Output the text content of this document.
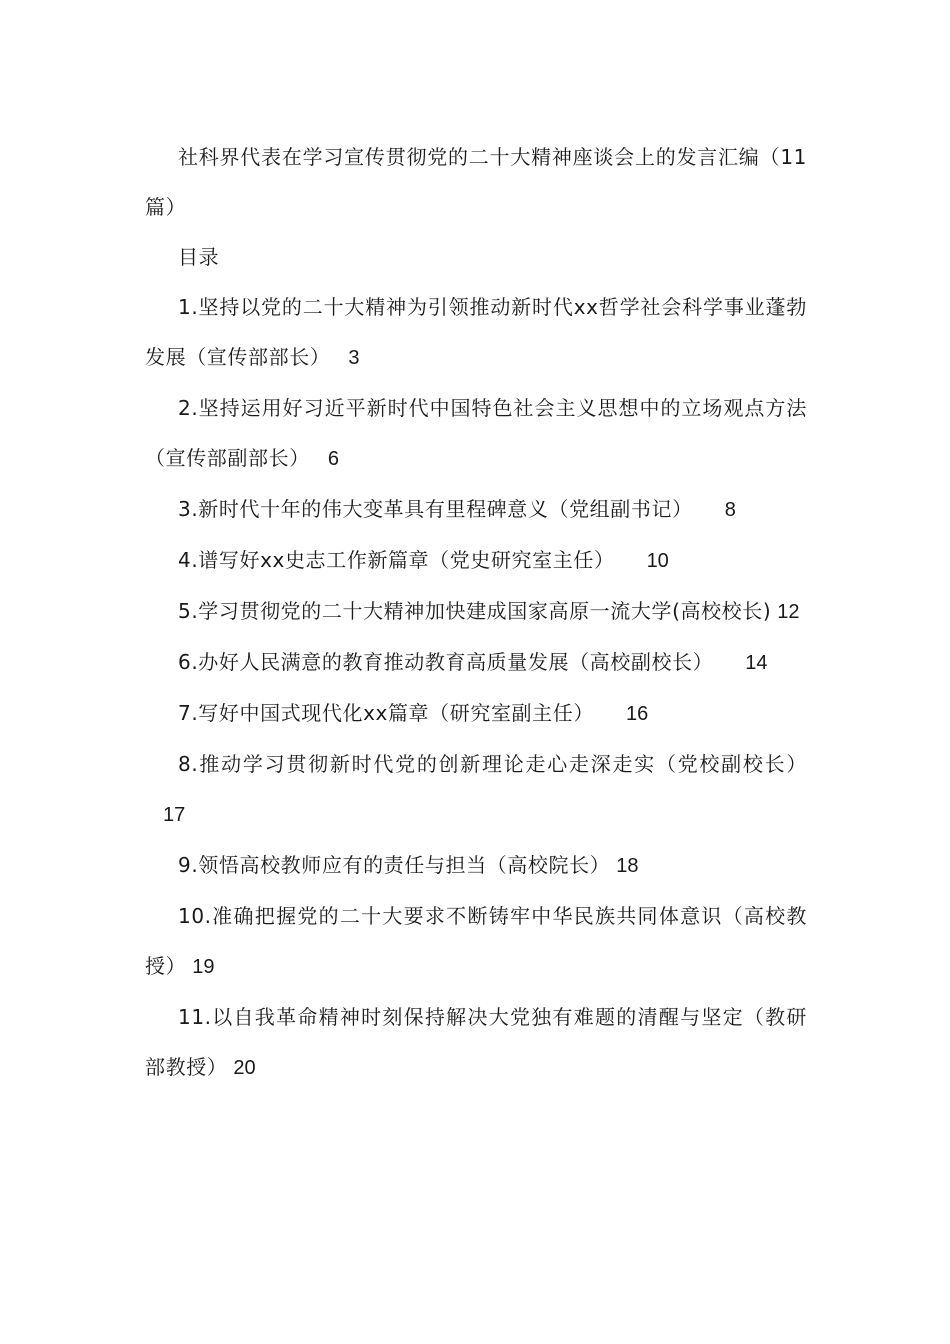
社科界代表在学习宣传贯彻党的二十大精神座谈会上的发言汇编（11篇）

目录

1.坚持以党的二十大精神为引领推动新时代xx哲学社会科学事业蓬勃发展（宣传部部长） 3

2.坚持运用好习近平新时代中国特色社会主义思想中的立场观点方法（宣传部副部长） 6

3.新时代十年的伟大变革具有里程碑意义（党组副书记） 8

4.谱写好xx史志工作新篇章（党史研究室主任） 10

5.学习贯彻党的二十大精神加快建成国家高原一流大学(高校校长) 12

6.办好人民满意的教育推动教育高质量发展（高校副校长） 14

7.写好中国式现代化xx篇章（研究室副主任） 16

8.推动学习贯彻新时代党的创新理论走心走深走实（党校副校长）17

9.领悟高校教师应有的责任与担当（高校院长） 18

10.准确把握党的二十大要求不断铸牢中华民族共同体意识（高校教授） 19

11.以自我革命精神时刻保持解决大党独有难题的清醒与坚定（教研部教授） 20
